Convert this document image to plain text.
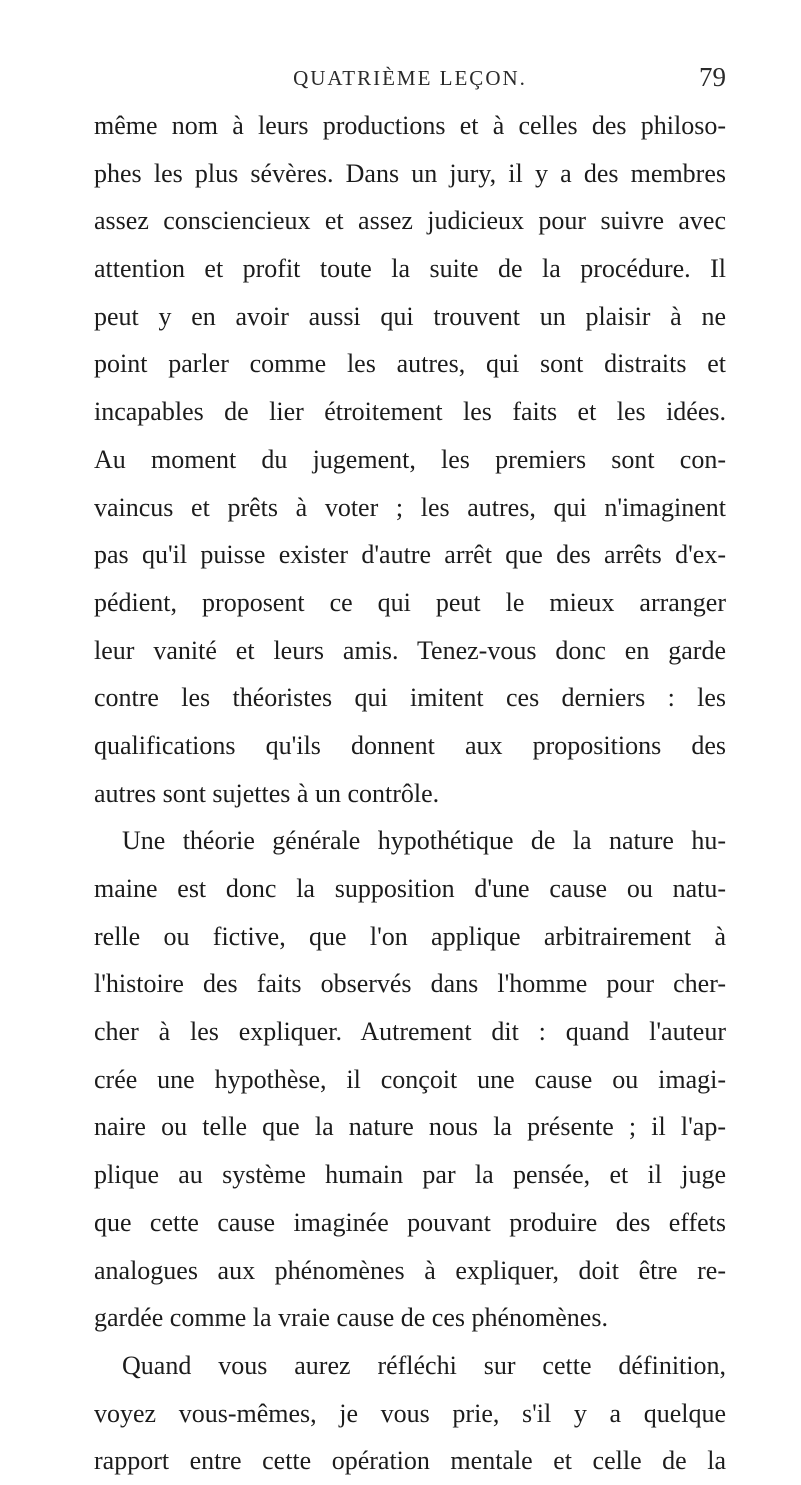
QUATRIÈME LEÇON.	79
même nom à leurs productions et à celles des philoso-
phes les plus sévères. Dans un jury, il y a des membres
assez consciencieux et assez judicieux pour suivre avec
attention et profit toute la suite de la procédure. Il
peut y en avoir aussi qui trouvent un plaisir à ne
point parler comme les autres, qui sont distraits et
incapables de lier étroitement les faits et les idées.
Au moment du jugement, les premiers sont con-
vaincus et prêts à voter ; les autres, qui n'imaginent
pas qu'il puisse exister d'autre arrêt que des arrêts d'ex-
pédient, proposent ce qui peut le mieux arranger
leur vanité et leurs amis. Tenez-vous donc en garde
contre les théoristes qui imitent ces derniers : les
qualifications qu'ils donnent aux propositions des
autres sont sujettes à un contrôle.
Une théorie générale hypothétique de la nature hu-
maine est donc la supposition d'une cause ou natu-
relle ou fictive, que l'on applique arbitrairement à
l'histoire des faits observés dans l'homme pour cher-
cher à les expliquer. Autrement dit : quand l'auteur
crée une hypothèse, il conçoit une cause ou imagi-
naire ou telle que la nature nous la présente ; il l'ap-
plique au système humain par la pensée, et il juge
que cette cause imaginée pouvant produire des effets
analogues aux phénomènes à expliquer, doit être re-
gardée comme la vraie cause de ces phénomènes.
Quand vous aurez réfléchi sur cette définition,
voyez vous-mêmes, je vous prie, s'il y a quelque
rapport entre cette opération mentale et celle de la
